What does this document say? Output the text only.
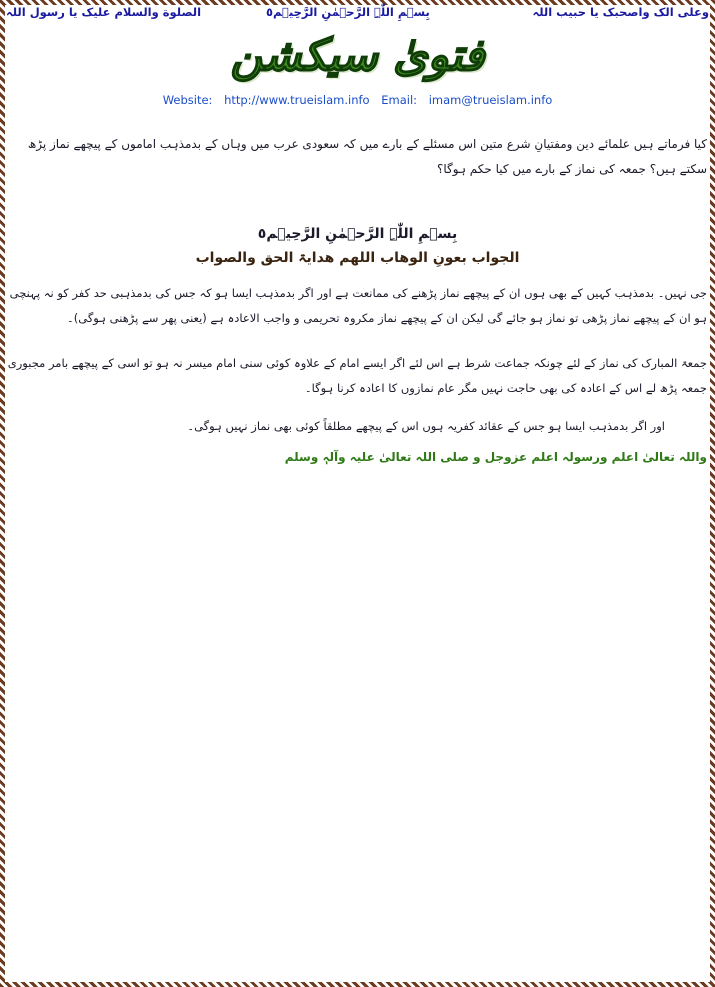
الصلوة والسلام علیک یا رسول اللہ	بِسۡمِ اللّٰہِ الرَّحۡمٰنِ الرَّحِیۡم٥	وعلی الک واصحبک یا حبیب اللہ
فتویٰ سیکشن
Website: http://www.trueislam.info Email: imam@trueislam.info
کیا فرماتے ہیں علمائے دین ومفتیانِ شرع متین اس مسئلے کے بارے میں کہ سعودی عرب میں وہاں کے بدمذہب اماموں کے پیچھے نماز پڑھ سکتے ہیں؟ جمعہ کی نماز کے بارے میں کیا حکم ہوگا؟
بِسۡمِ اللّٰہِ الرَّحۡمٰنِ الرَّحِیۡم٥
الجواب بعونِ الوھاب اللھم ھدایۃ الحق والصواب
جی نہیں۔ بدمذہب کہیں کے بھی ہوں ان کے پیچھے نماز پڑھنے کی ممانعت ہے اور اگر بدمذہب ایسا ہو کہ جس کی بدمذہبی حد کفر کو نہ پہنچی ہو ان کے پیچھے نماز پڑھی تو نماز ہو جائے گی لیکن ان کے پیچھے نماز مکروہ تحریمی و واجب الاعادہ ہے (یعنی پھر سے پڑھنی ہوگی)۔
جمعۃ المبارک کی نماز کے لئے چونکہ جماعت شرط ہے اس لئے اگر ایسے امام کے علاوہ کوئی سنی امام میسر نہ ہو تو اسی کے پیچھے بامر مجبوری جمعہ پڑھ لے اس کے اعادہ کی بھی حاجت نہیں مگر عام نمازوں کا اعادہ کرنا ہوگا۔
اور اگر بدمذہب ایسا ہو جس کے عقائد کفریہ ہوں اس کے پیچھے مطلقاً کوئی بھی نماز نہیں ہوگی۔
واللہ تعالیٰ اعلم ورسولہ اعلم عزوجل و صلی اللہ تعالیٰ علیہ وآلہٖ وسلم
